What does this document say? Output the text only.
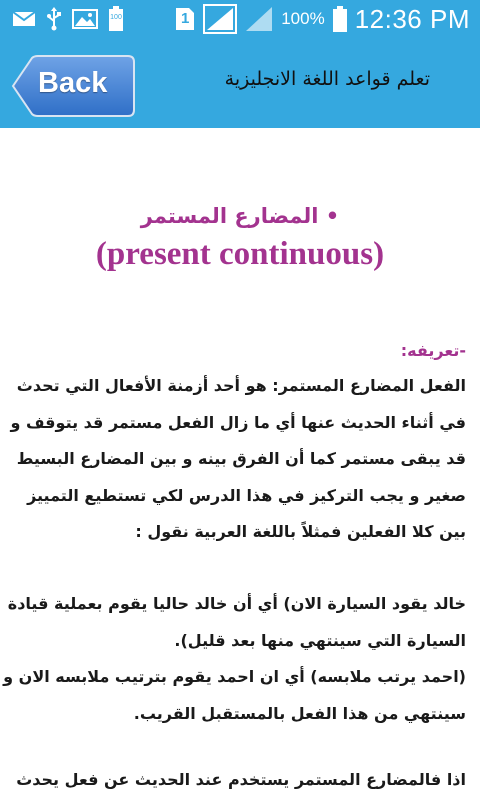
100	1	100% 12:36 PM
Back	تعلم قواعد اللغة الانجليزية
• المضارع المستمر
(present continuous)
-تعريفه:
الفعل المضارع المستمر: هو أحد أزمنة الأفعال التي تحدث
في أثناء الحديث عنها أي ما زال الفعل مستمر قد يتوقف و
قد يبقى مستمر كما أن الفرق بينه و بين المضارع البسيط
صغير و يجب التركيز في هذا الدرس لكي تستطيع التمييز
بين كلا الفعلين فمثلاً باللغة العربية نقول :
خالد يقود السيارة الان) أي أن خالد حاليا يقوم بعملية قيادة
السيارة التي سينتهي منها بعد قليل).
(احمد يرتب ملابسه) أي ان احمد يقوم بترتيب ملابسه الان و
سينتهي من هذا الفعل بالمستقبل القريب.
اذا فالمضارع المستمر يستخدم عند الحديث عن فعل يحدث
